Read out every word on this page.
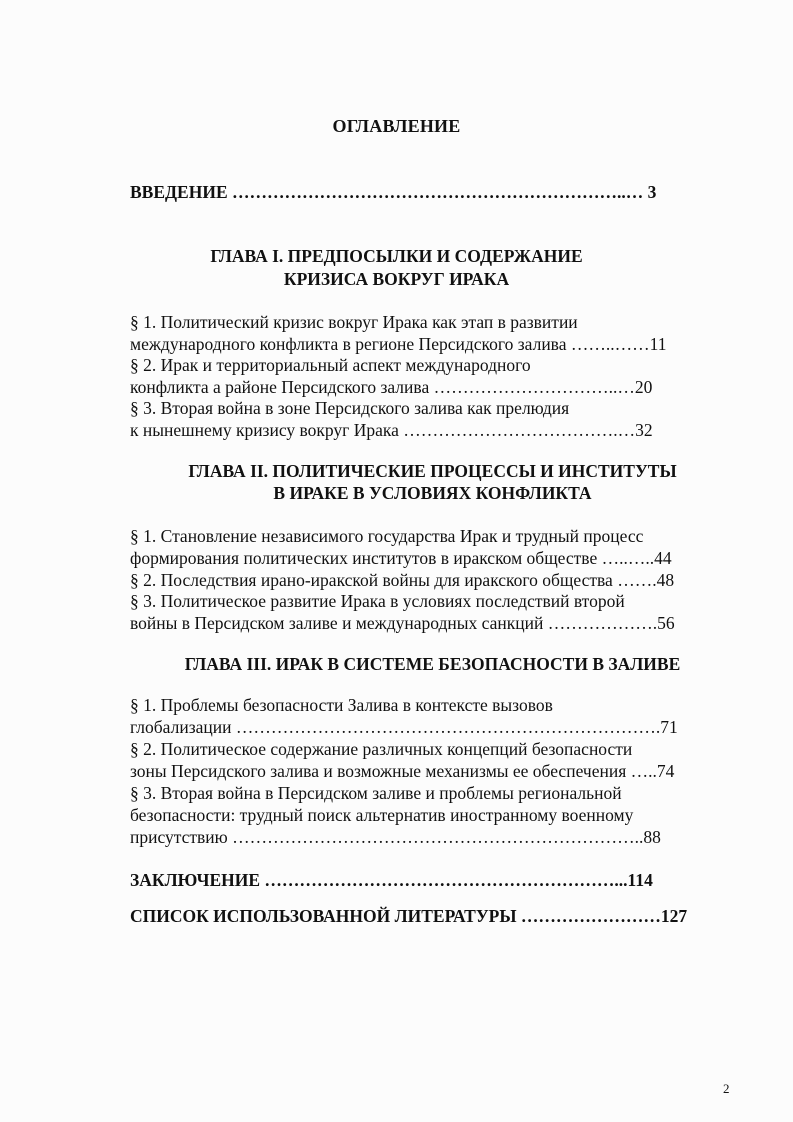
ОГЛАВЛЕНИЕ
ВВЕДЕНИЕ …………………………………………………………..… 3
ГЛАВА I. ПРЕДПОСЫЛКИ И СОДЕРЖАНИЕ
КРИЗИСА ВОКРУГ ИРАКА
§ 1. Политический кризис вокруг Ирака как этап в развитии
международного конфликта в регионе Персидского залива ……..……11
§ 2. Ирак и территориальный аспект международного
конфликта а районе Персидского залива …………………………..…20
§ 3. Вторая война в зоне Персидского залива как прелюдия
к нынешнему кризису вокруг Ирака ……………………………….…32
ГЛАВА II. ПОЛИТИЧЕСКИЕ ПРОЦЕССЫ И ИНСТИТУТЫ
В ИРАКЕ В УСЛОВИЯХ КОНФЛИКТА
§ 1. Становление независимого государства Ирак и трудный процесс
формирования политических институтов в иракском обществе …..…..44
§ 2. Последствия ирано-иракской войны для иракского общества …….48
§ 3. Политическое развитие Ирака в условиях последствий второй
войны в Персидском заливе и международных санкций ……………….56
ГЛАВА III. ИРАК В СИСТЕМЕ БЕЗОПАСНОСТИ В ЗАЛИВЕ
§ 1. Проблемы безопасности Залива в контексте вызовов
глобализации ……………………………………………………………….71
§ 2. Политическое содержание различных концепций безопасности
зоны Персидского залива и возможные механизмы ее обеспечения …..74
§ 3. Вторая война в Персидском заливе и проблемы региональной
безопасности: трудный поиск альтернатив иностранному военному
присутствию ……………………………………………………………..88
ЗАКЛЮЧЕНИЕ ……………………………………………………...114
СПИСОК ИСПОЛЬЗОВАННОЙ ЛИТЕРАТУРЫ ……………………127
2
